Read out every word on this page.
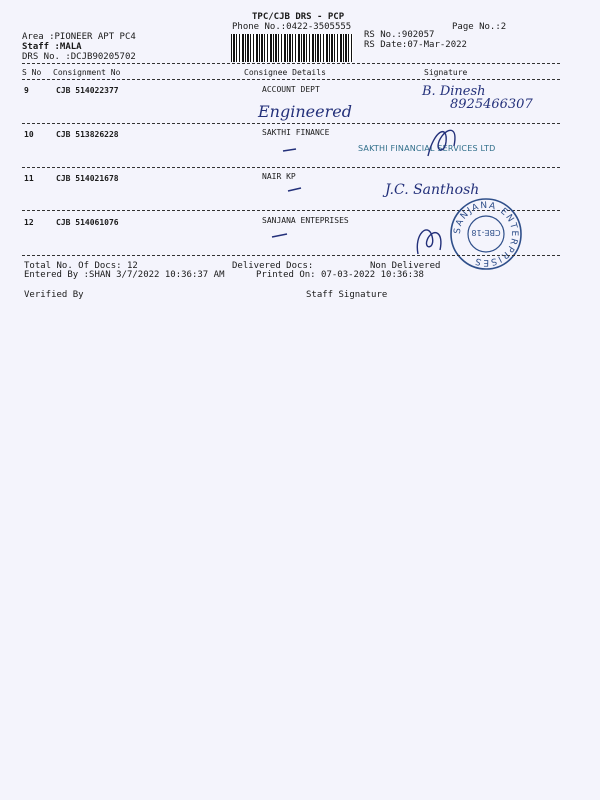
TPC/CJB DRS - PCP
Phone No.:0422-3505555	Page No.:2
Area :PIONEER APT PC4
Staff :MALA
DRS No. :DCJB90205702
RS No.:902057
RS Date:07-Mar-2022
S No Consignment No	Consignee Details	Signature
9	CJB 514022377	ACCOUNT DEPT
Engineered
B. Dinesh
8925466307
10	CJB 513826228	SAKTHI FINANCE
SAKTHI FINANCIAL SERVICES LTD
11	CJB 514021678	NAIR KP
J.C. Santhosh
12	CJB 514061076	SANJANA ENTEPRISES
SANJANA ENTERPRISES
CBE-18
Total No. Of Docs: 12	Delivered Docs:	Non Delivered
Entered By :SHAN 3/7/2022 10:36:37 AM	Printed On: 07-03-2022 10:36:38
Verified By	Staff Signature
